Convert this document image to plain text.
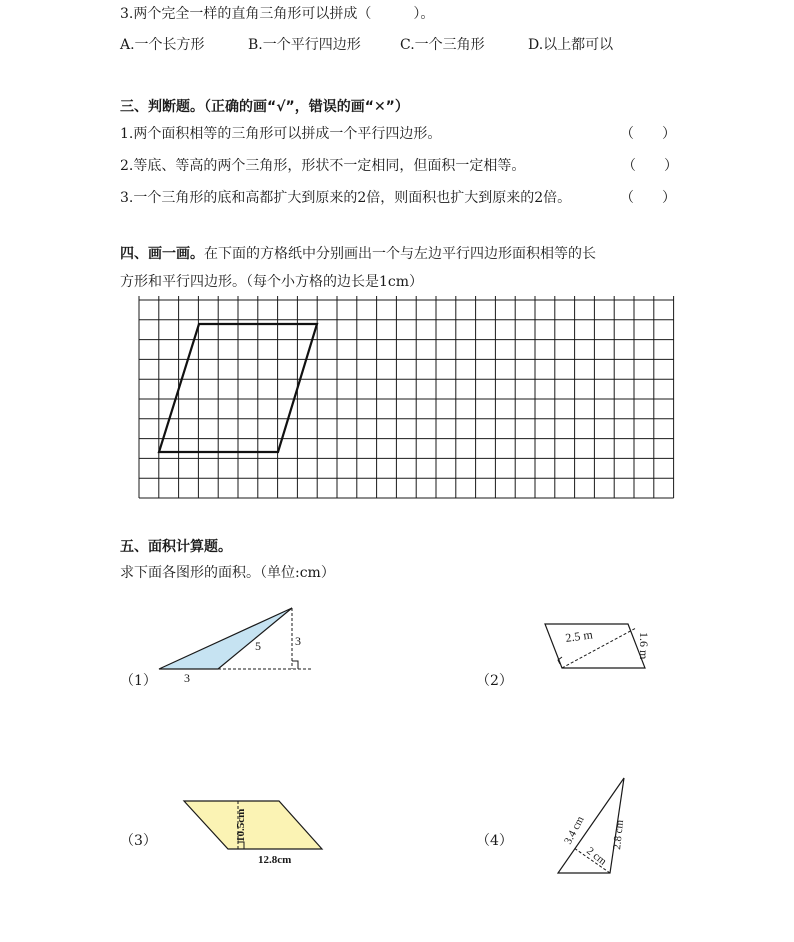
3.两个完全一样的直角三角形可以拼成（　　　）。
A.一个长方形	B.一个平行四边形	C.一个三角形	D.以上都可以
三、判断题。（正确的画“√”，错误的画“✕”）
1.两个面积相等的三角形可以拼成一个平行四边形。	（　　）
2.等底、等高的两个三角形，形状不一定相同，但面积一定相等。	（　　）
3.一个三角形的底和高都扩大到原来的2倍，则面积也扩大到原来的2倍。	（　　）
四、画一画。在下面的方格纸中分别画出一个与左边平行四边形面积相等的长
方形和平行四边形。（每个小方格的边长是1cm）
3
5	3	2.5 m	1.6 m
10.5cm
12.8cm
3.4 cm 2.8 cm
2 cm
五、面积计算题。
求下面各图形的面积。（单位:cm）
（1）	（2）
（3）	（4）
